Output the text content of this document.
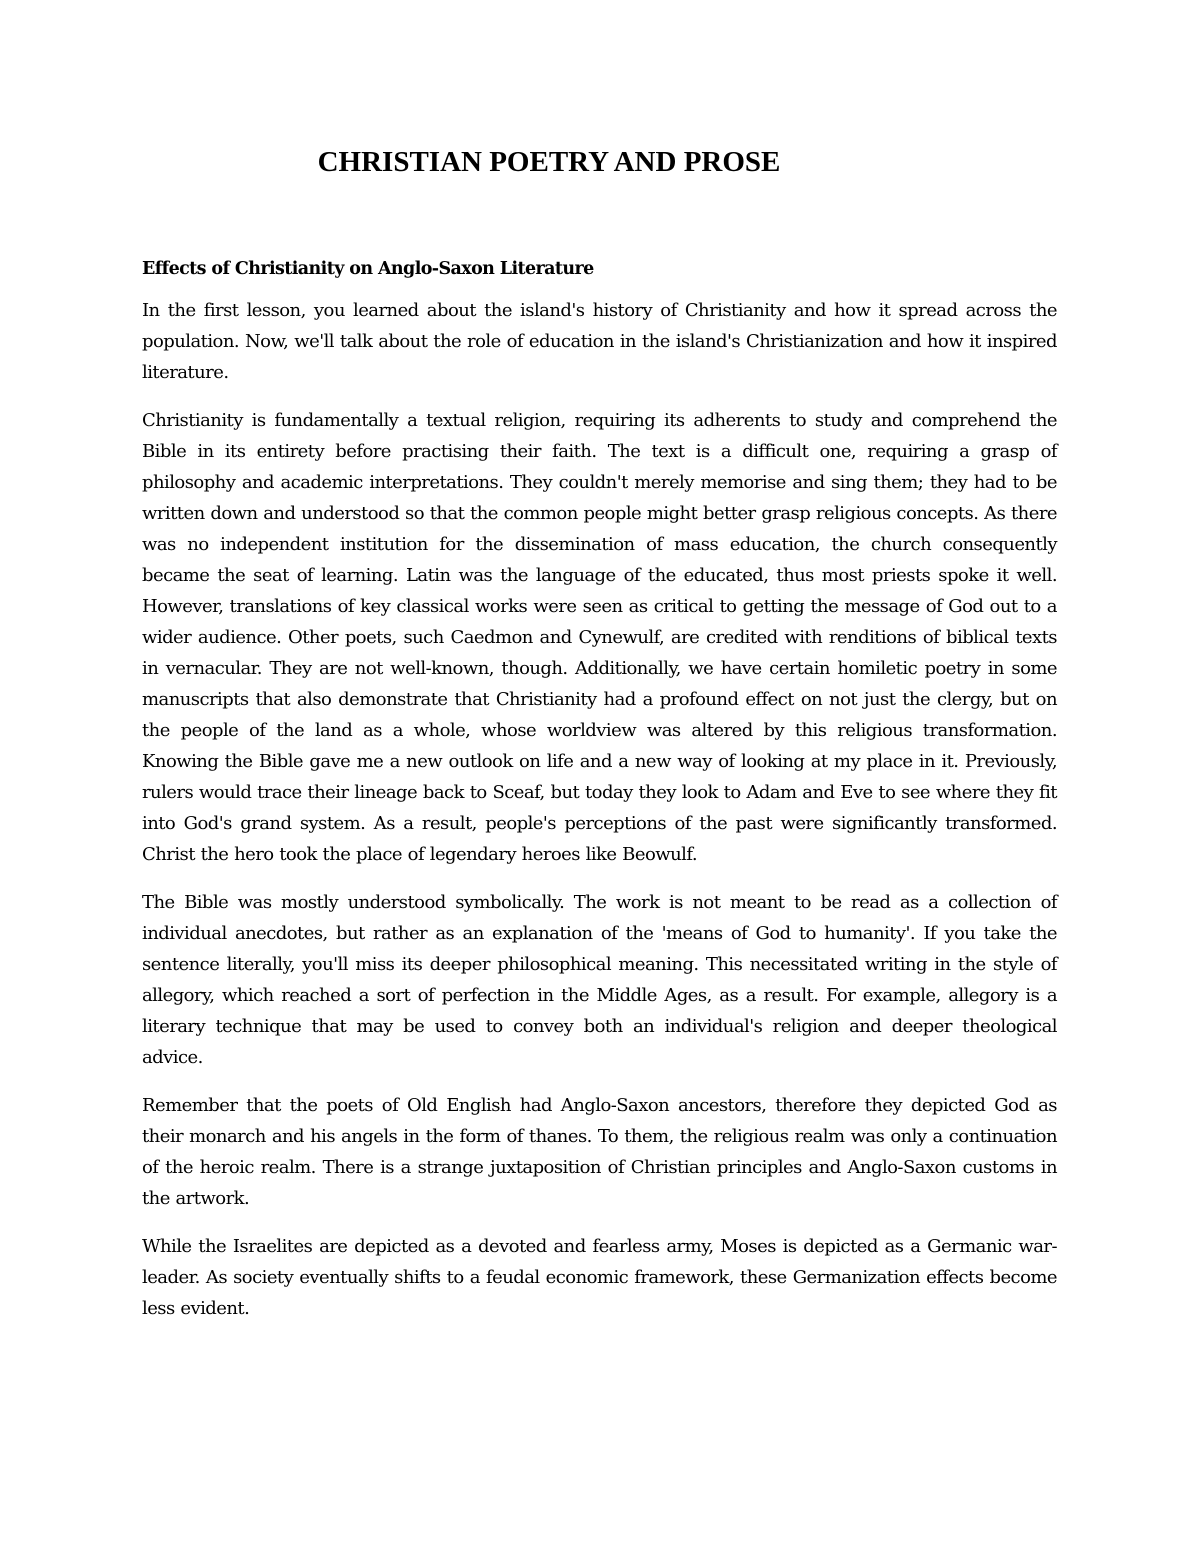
CHRISTIAN POETRY AND PROSE
Effects of Christianity on Anglo-Saxon Literature

In the first lesson, you learned about the island's history of Christianity and how it spread across the population. Now, we'll talk about the role of education in the island's Christianization and how it inspired literature.

Christianity is fundamentally a textual religion, requiring its adherents to study and comprehend the Bible in its entirety before practising their faith. The text is a difficult one, requiring a grasp of philosophy and academic interpretations. They couldn't merely memorise and sing them; they had to be written down and understood so that the common people might better grasp religious concepts. As there was no independent institution for the dissemination of mass education, the church consequently became the seat of learning. Latin was the language of the educated, thus most priests spoke it well. However, translations of key classical works were seen as critical to getting the message of God out to a wider audience. Other poets, such Caedmon and Cynewulf, are credited with renditions of biblical texts in vernacular. They are not well-known, though. Additionally, we have certain homiletic poetry in some manuscripts that also demonstrate that Christianity had a profound effect on not just the clergy, but on the people of the land as a whole, whose worldview was altered by this religious transformation. Knowing the Bible gave me a new outlook on life and a new way of looking at my place in it. Previously, rulers would trace their lineage back to Sceaf, but today they look to Adam and Eve to see where they fit into God's grand system. As a result, people's perceptions of the past were significantly transformed. Christ the hero took the place of legendary heroes like Beowulf.

The Bible was mostly understood symbolically. The work is not meant to be read as a collection of individual anecdotes, but rather as an explanation of the 'means of God to humanity'. If you take the sentence literally, you'll miss its deeper philosophical meaning. This necessitated writing in the style of allegory, which reached a sort of perfection in the Middle Ages, as a result. For example, allegory is a literary technique that may be used to convey both an individual's religion and deeper theological advice.

Remember that the poets of Old English had Anglo-Saxon ancestors, therefore they depicted God as their monarch and his angels in the form of thanes. To them, the religious realm was only a continuation of the heroic realm. There is a strange juxtaposition of Christian principles and Anglo-Saxon customs in the artwork.

While the Israelites are depicted as a devoted and fearless army, Moses is depicted as a Germanic war-leader. As society eventually shifts to a feudal economic framework, these Germanization effects become less evident.
